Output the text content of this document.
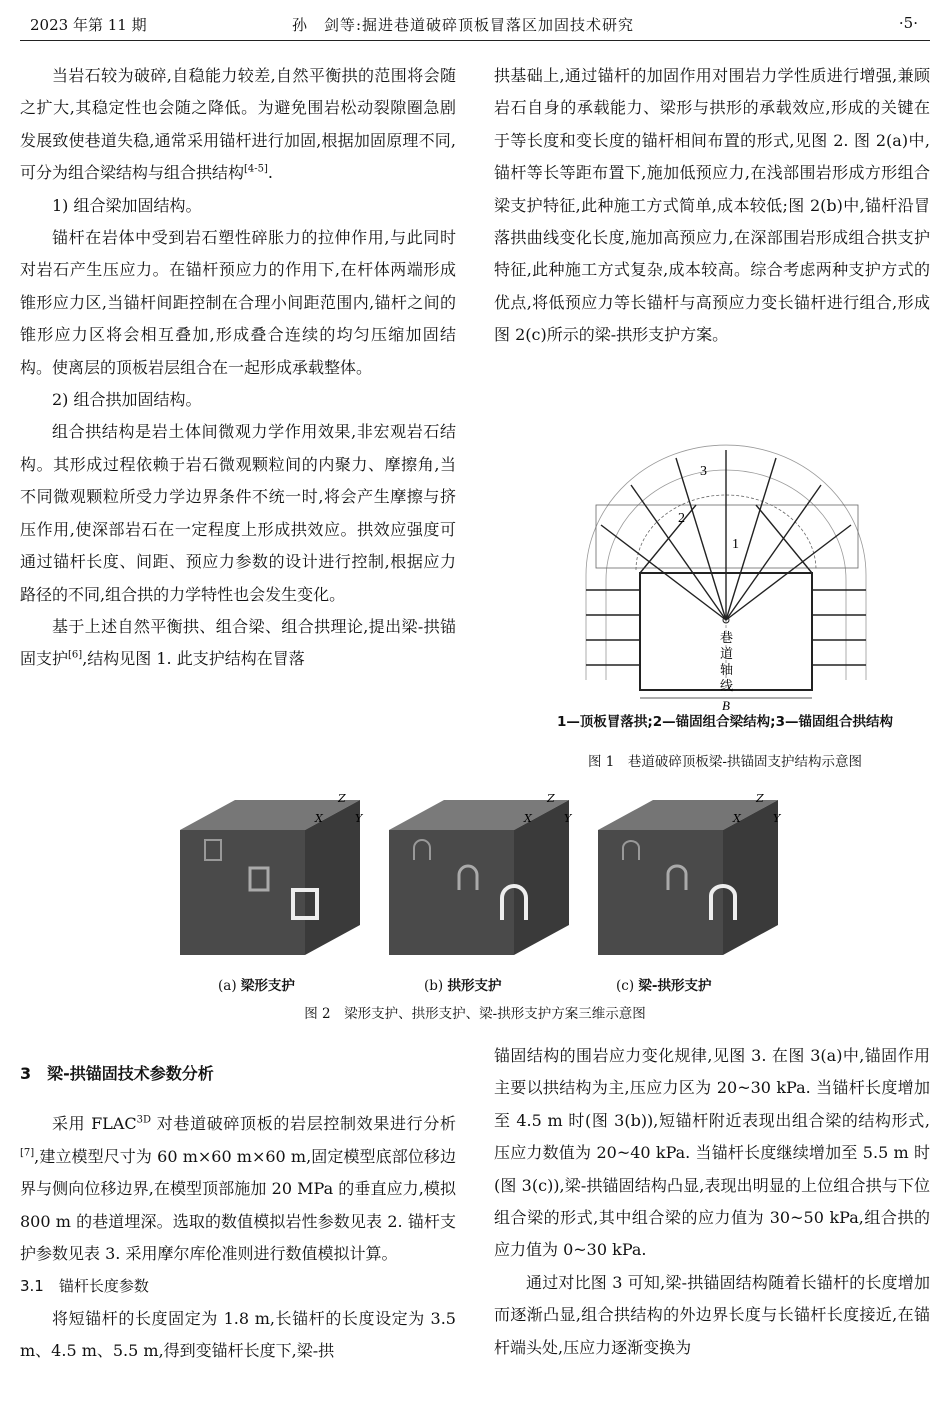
2023 年第 11 期	孙　剑等:掘进巷道破碎顶板冒落区加固技术研究	·5·

当岩石较为破碎,自稳能力较差,自然平衡拱的范围将会随之扩大,其稳定性也会随之降低。为避免围岩松动裂隙圈急剧发展致使巷道失稳,通常采用锚杆进行加固,根据加固原理不同,可分为组合梁结构与组合拱结构[4-5].

1) 组合梁加固结构。

锚杆在岩体中受到岩石塑性碎胀力的拉伸作用,与此同时对岩石产生压应力。在锚杆预应力的作用下,在杆体两端形成锥形应力区,当锚杆间距控制在合理小间距范围内,锚杆之间的锥形应力区将会相互叠加,形成叠合连续的均匀压缩加固结构。使离层的顶板岩层组合在一起形成承载整体。

2) 组合拱加固结构。

组合拱结构是岩土体间微观力学作用效果,非宏观岩石结构。其形成过程依赖于岩石微观颗粒间的内聚力、摩擦角,当不同微观颗粒所受力学边界条件不统一时,将会产生摩擦与挤压作用,使深部岩石在一定程度上形成拱效应。拱效应强度可通过锚杆长度、间距、预应力参数的设计进行控制,根据应力路径的不同,组合拱的力学特性也会发生变化。

基于上述自然平衡拱、组合梁、组合拱理论,提出梁-拱锚固支护[6],结构见图 1. 此支护结构在冒落

拱基础上,通过锚杆的加固作用对围岩力学性质进行增强,兼顾岩石自身的承载能力、梁形与拱形的承载效应,形成的关键在于等长度和变长度的锚杆相间布置的形式,见图 2. 图 2(a)中,锚杆等长等距布置下,施加低预应力,在浅部围岩形成方形组合梁支护特征,此种施工方式简单,成本较低;图 2(b)中,锚杆沿冒落拱曲线变化长度,施加高预应力,在深部围岩形成组合拱支护特征,此种施工方式复杂,成本较高。综合考虑两种支护方式的优点,将低预应力等长锚杆与高预应力变长锚杆进行组合,形成图 2(c)所示的梁-拱形支护方案。

3
2
1
巷
道
轴
线
B
1—顶板冒落拱;2—锚固组合梁结构;3—锚固组合拱结构
图 1　巷道破碎顶板梁-拱锚固支护结构示意图
Z
X	Y
Z
X	Y
Z
X	Y
(a) 梁形支护	(b) 拱形支护	(c) 梁-拱形支护
图 2　梁形支护、拱形支护、梁-拱形支护方案三维示意图

3　梁-拱锚固技术参数分析

采用 $FLAC^{3D}$ 对巷道破碎顶板的岩层控制效果进行分析[7],建立模型尺寸为 60 m×60 m×60 m,固定模型底部位移边界与侧向位移边界,在模型顶部施加 20 MPa 的垂直应力,模拟 800 m 的巷道埋深。选取的数值模拟岩性参数见表 2. 锚杆支护参数见表 3. 采用摩尔库伦准则进行数值模拟计算。

3.1　锚杆长度参数

将短锚杆的长度固定为 1.8 m,长锚杆的长度设定为 3.5 m、4.5 m、5.5 m,得到变锚杆长度下,梁-拱

锚固结构的围岩应力变化规律,见图 3. 在图 3(a)中,锚固作用主要以拱结构为主,压应力区为 20~30 kPa. 当锚杆长度增加至 4.5 m 时(图 3(b)),短锚杆附近表现出组合梁的结构形式,压应力数值为 20~40 kPa. 当锚杆长度继续增加至 5.5 m 时(图 3(c)),梁-拱锚固结构凸显,表现出明显的上位组合拱与下位组合梁的形式,其中组合梁的应力值为 30~50 kPa,组合拱的应力值为 0~30 kPa.

通过对比图 3 可知,梁-拱锚固结构随着长锚杆的长度增加而逐渐凸显,组合拱结构的外边界长度与长锚杆长度接近,在锚杆端头处,压应力逐渐变换为
